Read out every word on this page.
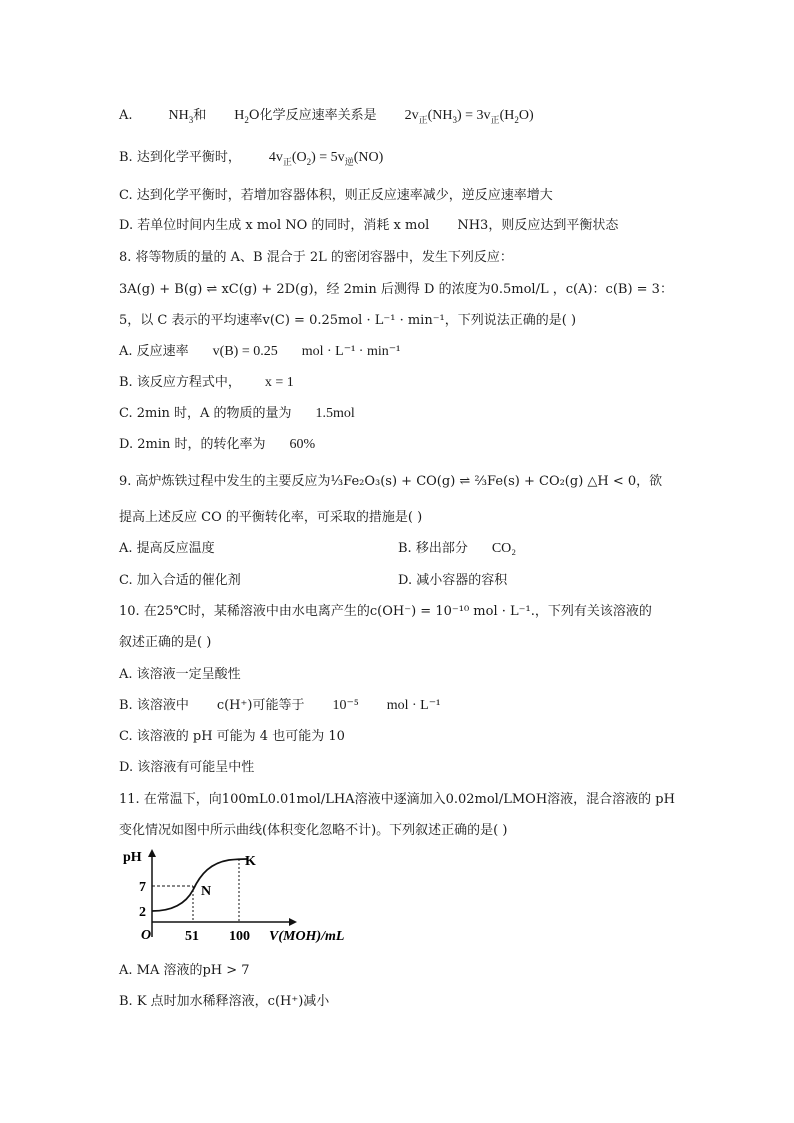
A.	$NH_3$和 $H_2O$化学反应速率关系是 $2v_正(NH_3) = 3v_正(H_2O)$
B. 达到化学平衡时， $4v_正(O_2) = 5v_逆(NO)$
C. 达到化学平衡时，若增加容器体积，则正反应速率减少，逆反应速率增大
D. 若单位时间内生成 x mol NO 的同时，消耗 x mol NH3，则反应达到平衡状态
8. 将等物质的量的 A、B 混合于 2L 的密闭容器中，发生下列反应：
3A(g) + B(g) ⇌ xC(g) + 2D(g)，经 2min 后测得 D 的浓度为0.5mol/L ，c(A)：c(B) = 3：
5，以 C 表示的平均速率v(C) = 0.25mol · L⁻¹ · min⁻¹，下列说法正确的是( )
A. 反应速率 v(B) = 0.25 mol · L⁻¹ · min⁻¹
B. 该反应方程式中， x = 1
C. 2min 时，A 的物质的量为 1.5mol
D. 2min 时，的转化率为 60%
9. 高炉炼铁过程中发生的主要反应为⅓Fe₂O₃(s) + CO(g) ⇌ ⅔Fe(s) + CO₂(g) △H < 0，欲
提高上述反应 CO 的平衡转化率，可采取的措施是( )
A. 提高反应温度	B. 移出部分 CO₂
C. 加入合适的催化剂	D. 减小容器的容积
10. 在25℃时，某稀溶液中由水电离产生的c(OH⁻) = 10⁻¹⁰ mol · L⁻¹.，下列有关该溶液的
叙述正确的是( )
A. 该溶液一定呈酸性
B. 该溶液中 c(H⁺)可能等于 10⁻⁵ mol · L⁻¹
C. 该溶液的 pH 可能为 4 也可能为 10
D. 该溶液有可能呈中性
11. 在常温下，向100mL0.01mol/LHA溶液中逐滴加入0.02mol/LMOH溶液，混合溶液的 pH
变化情况如图中所示曲线(体积变化忽略不计)。下列叙述正确的是( )
pH
7
2
O
N
K
51 100 V(MOH)/mL
A. MA 溶液的pH > 7
B. K 点时加水稀释溶液，c(H⁺)减小
